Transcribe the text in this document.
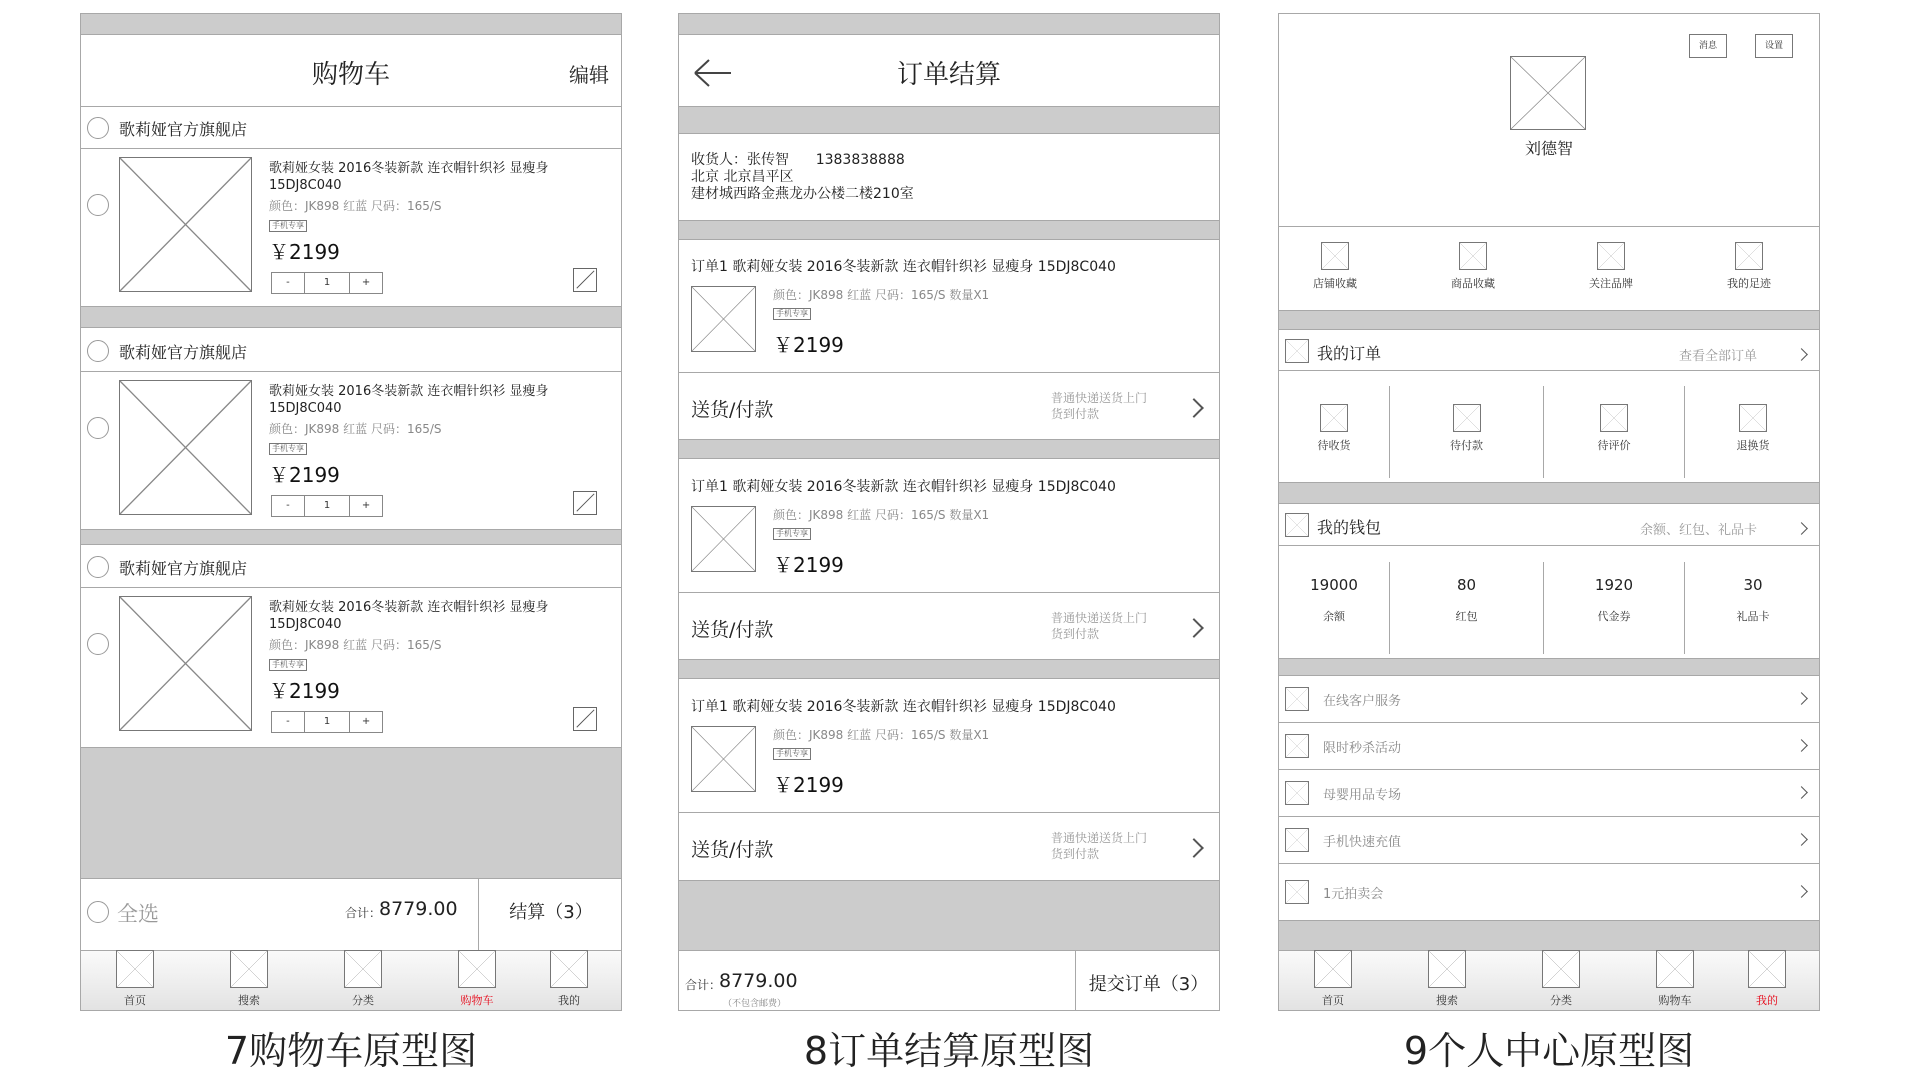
购物车	编辑
歌莉娅官方旗舰店
歌莉娅女装 2016冬装新款 连衣帽针织衫 显瘦身
15DJ8C040
颜色：JK898 红蓝 尺码：165/S
手机专享
￥2199
-	1	+
歌莉娅官方旗舰店
歌莉娅女装 2016冬装新款 连衣帽针织衫 显瘦身
15DJ8C040
颜色：JK898 红蓝 尺码：165/S
手机专享
￥2199
-	1	+
歌莉娅官方旗舰店
歌莉娅女装 2016冬装新款 连衣帽针织衫 显瘦身
15DJ8C040
颜色：JK898 红蓝 尺码：165/S
手机专享
￥2199
-	1	+
全选	合计：
8779.00	结算（3）
首页	搜索	分类	购物车	我的
7购物车原型图
订单结算
收货人：张传智 1383838888
北京 北京昌平区
建材城西路金燕龙办公楼二楼210室
订单1 歌莉娅女装 2016冬装新款 连衣帽针织衫 显瘦身 15DJ8C040
颜色：JK898 红蓝 尺码：165/S 数量X1
手机专享
￥2199
送货/付款
普通快递送货上门
货到付款
订单1 歌莉娅女装 2016冬装新款 连衣帽针织衫 显瘦身 15DJ8C040
颜色：JK898 红蓝 尺码：165/S 数量X1
手机专享
￥2199
送货/付款
普通快递送货上门
货到付款
订单1 歌莉娅女装 2016冬装新款 连衣帽针织衫 显瘦身 15DJ8C040
颜色：JK898 红蓝 尺码：165/S 数量X1
手机专享
￥2199
送货/付款
普通快递送货上门
货到付款
合计：
8779.00
（不包含邮费）
提交订单（3）
8订单结算原型图
消息	设置
刘德智
店铺收藏	商品收藏	关注品牌	我的足迹
我的订单	查看全部订单
待收货	待付款	待评价	退换货
我的钱包	余额、红包、礼品卡
19000
余额
80
红包
1920
代金券
30
礼品卡
在线客户服务
限时秒杀活动
母婴用品专场
手机快速充值
1元拍卖会
首页	搜索	分类	购物车	我的
9个人中心原型图
